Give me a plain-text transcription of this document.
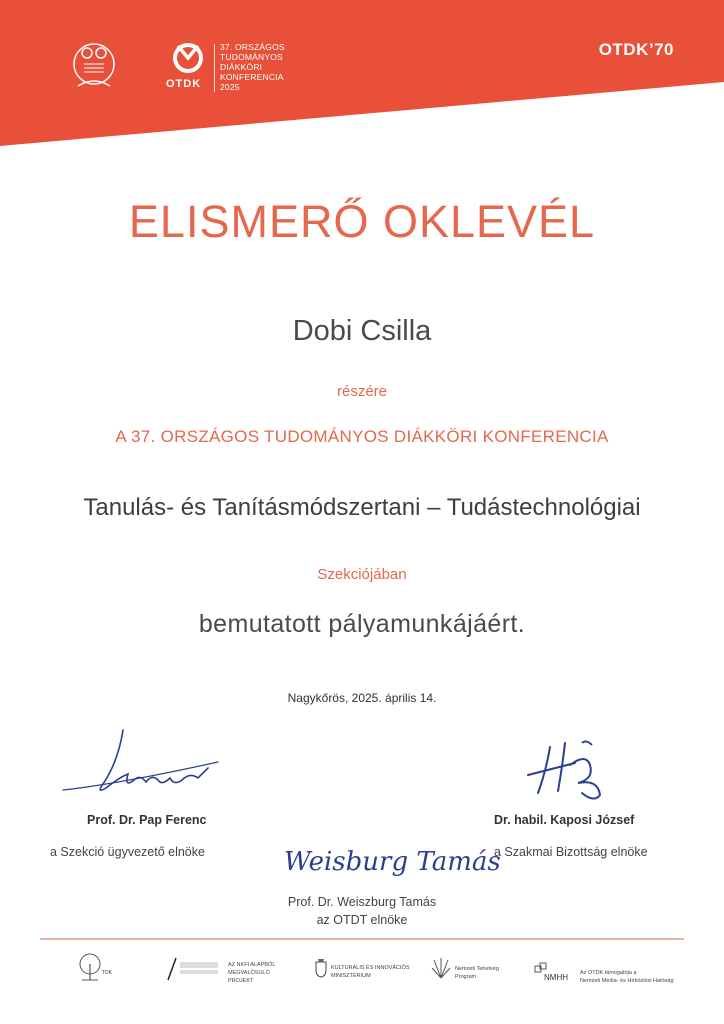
OTDK
37. ORSZÁGOS
TUDOMÁNYOS
DIÁKKÖRI
KONFERENCIA
2025
OTDK’70
ELISMERŐ OKLEVÉL
Dobi Csilla
részére
A 37. ORSZÁGOS TUDOMÁNYOS DIÁKKÖRI KONFERENCIA
Tanulás- és Tanításmódszertani – Tudástechnológiai
Szekciójában
bemutatott pályamunkájáért.
Nagykőrös, 2025. április 14.
Prof. Dr. Pap Ferenc
a Szekció ügyvezető elnöke
Dr. habil. Kaposi József
a Szakmai Bizottság elnöke
Weisburg Tamás
Prof. Dr. Weiszburg Tamás
az OTDT elnöke
TDK
AZ NKFI ALAPBÓL
MEGVALÓSULÓ
PROJEKT
KULTURÁLIS ÉS INNOVÁCIÓS
MINISZTÉRIUM
Nemzeti Tehetség
Program	NMHH Az OTDK támogatója a
Nemzeti Média- és Hírközlési Hatóság
